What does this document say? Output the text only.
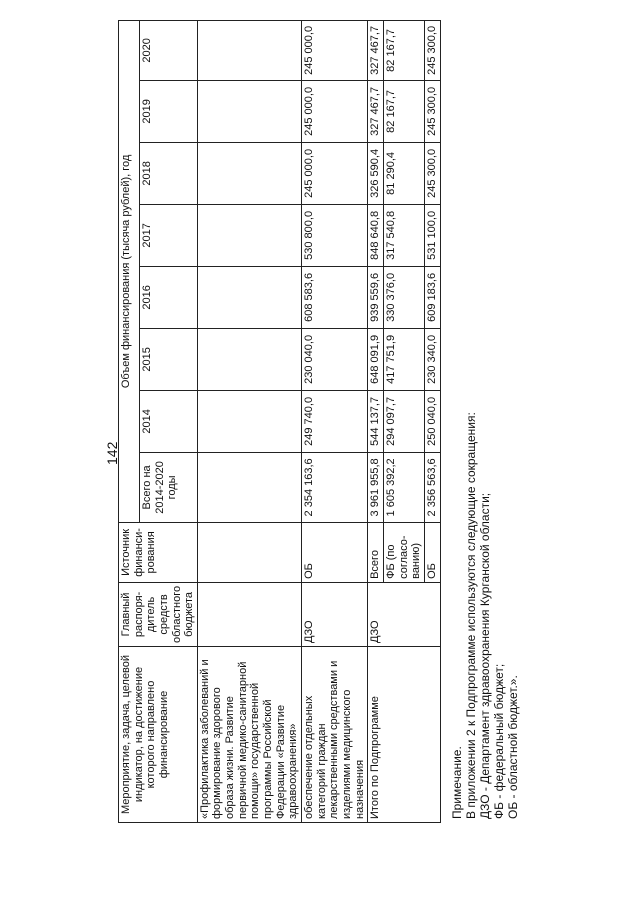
142
Мероприятие, задача, целевой индикатор, на достижение которого направлено финансирование	Главный распоря-дитель средств областного бюджета	Источник финанси-рования	Объем финансирования (тысяча рублей), год							
			Всего на 2014-2020 годы	2014	2015	2016	2017	2018	2019	2020
«Профилактика заболеваний и формирование здорового образа жизни. Развитие первичной медико-санитарной помощи» государственной программы Российской Федерации «Развитие здравоохранения»										
обеспечение отдельных категорий граждан лекарственными средствами и изделиями медицинского назначения	ДЗО	ОБ	2 354 163,6	249 740,0	230 040,0	608 583,6	530 800,0	245 000,0	245 000,0	245 000,0
Итого по Подпрограмме	ДЗО	Всего	3 961 955,8	544 137,7	648 091,9	939 559,6	848 640,8	326 590,4	327 467,7	327 467,7
		ФБ (по согласо-ванию)	1 605 392,2	294 097,7	417 751,9	330 376,0	317 540,8	81 290,4	82 167,7	82 167,7
		ОБ	2 356 563,6	250 040,0	230 340,0	609 183,6	531 100,0	245 300,0	245 300,0	245 300,0
Примечание. В приложении 2 к Подпрограмме используются следующие сокращения: ДЗО - Департамент здравоохранения Курганской области; ФБ - федеральный бюджет; ОБ - областной бюджет.».
